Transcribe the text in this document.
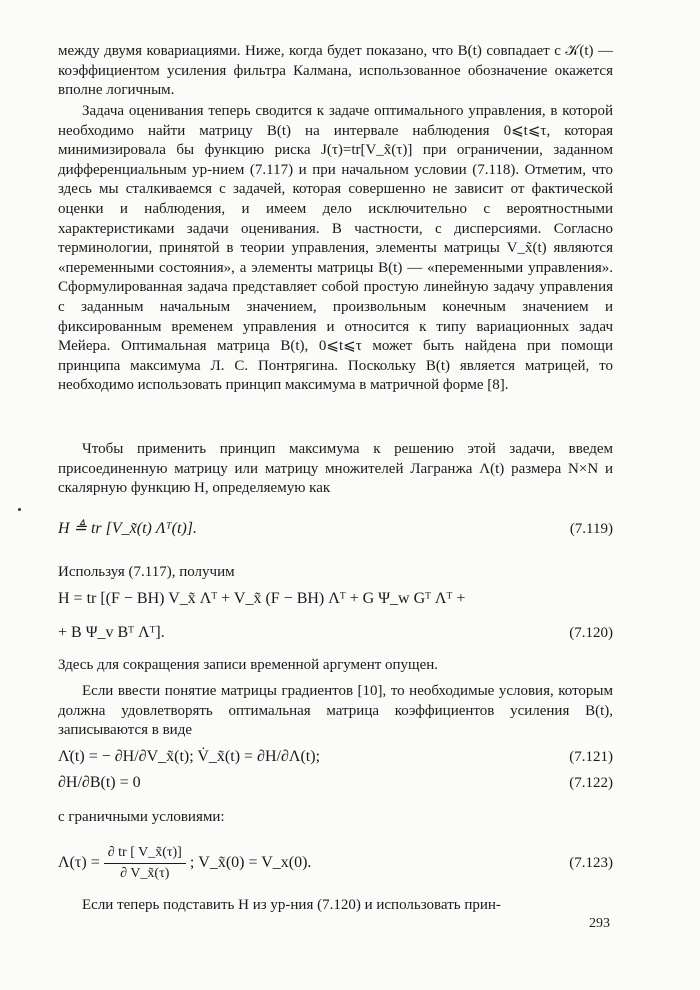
между двумя ковариациями. Ниже, когда будет показано, что B(t) совпадает с 𝒦(t) — коэффициентом усиления фильтра Калмана, использованное обозначение окажется вполне логичным.

Задача оценивания теперь сводится к задаче оптимального управления, в которой необходимо найти матрицу B(t) на интервале наблюдения 0⩽t⩽τ, которая минимизировала бы функцию риска J(τ)=tr[V_x̃(τ)] при ограничении, заданном дифференциальным ур-нием (7.117) и при начальном условии (7.118). Отметим, что здесь мы сталкиваемся с задачей, которая совершенно не зависит от фактической оценки и наблюдения, и имеем дело исключительно с вероятностными характеристиками задачи оценивания. В частности, с дисперсиями. Согласно терминологии, принятой в теории управления, элементы матрицы V_x̃(t) являются «переменными состояния», а элементы матрицы B(t) — «переменными управления». Сформулированная задача представляет собой простую линейную задачу управления с заданным начальным значением, произвольным конечным значением и фиксированным временем управления и относится к типу вариационных задач Мейера. Оптимальная матрица B(t), 0⩽t⩽τ может быть найдена при помощи принципа максимума Л. С. Понтрягина. Поскольку B(t) является матрицей, то необходимо использовать принцип максимума в матричной форме [8].

Чтобы применить принцип максимума к решению этой задачи, введем присоединенную матрицу или матрицу множителей Лагранжа Λ(t) размера N×N и скалярную функцию H, определяемую как

H ≜ tr [V_x̃(t) Λᵀ(t)].	(7.119)

Используя (7.117), получим

H = tr [(F − BH) V_x̃ Λᵀ + V_x̃ (F − BH) Λᵀ + G Ψ_w Gᵀ Λᵀ +
+ B Ψ_v Bᵀ Λᵀ].	(7.120)

Здесь для сокращения записи временной аргумент опущен.

Если ввести понятие матрицы градиентов [10], то необходимые условия, которым должна удовлетворять оптимальная матрица коэффициентов усиления B(t), записываются в виде

Λ̇(t) = − ∂H/∂V_x̃(t); V̇_x̃(t) = ∂H/∂Λ(t);	(7.121)
∂H/∂B(t) = 0	(7.122)

с граничными условиями:

$\Lambda(\tau) = \frac{\partial tr [ V\_x̃(\tau)]}{\partial V\_x̃(\tau)}$ ; V_x̃(0) = V_x(0).	(7.123)

Если теперь подставить H из ур-ния (7.120) и использовать прин-

293
